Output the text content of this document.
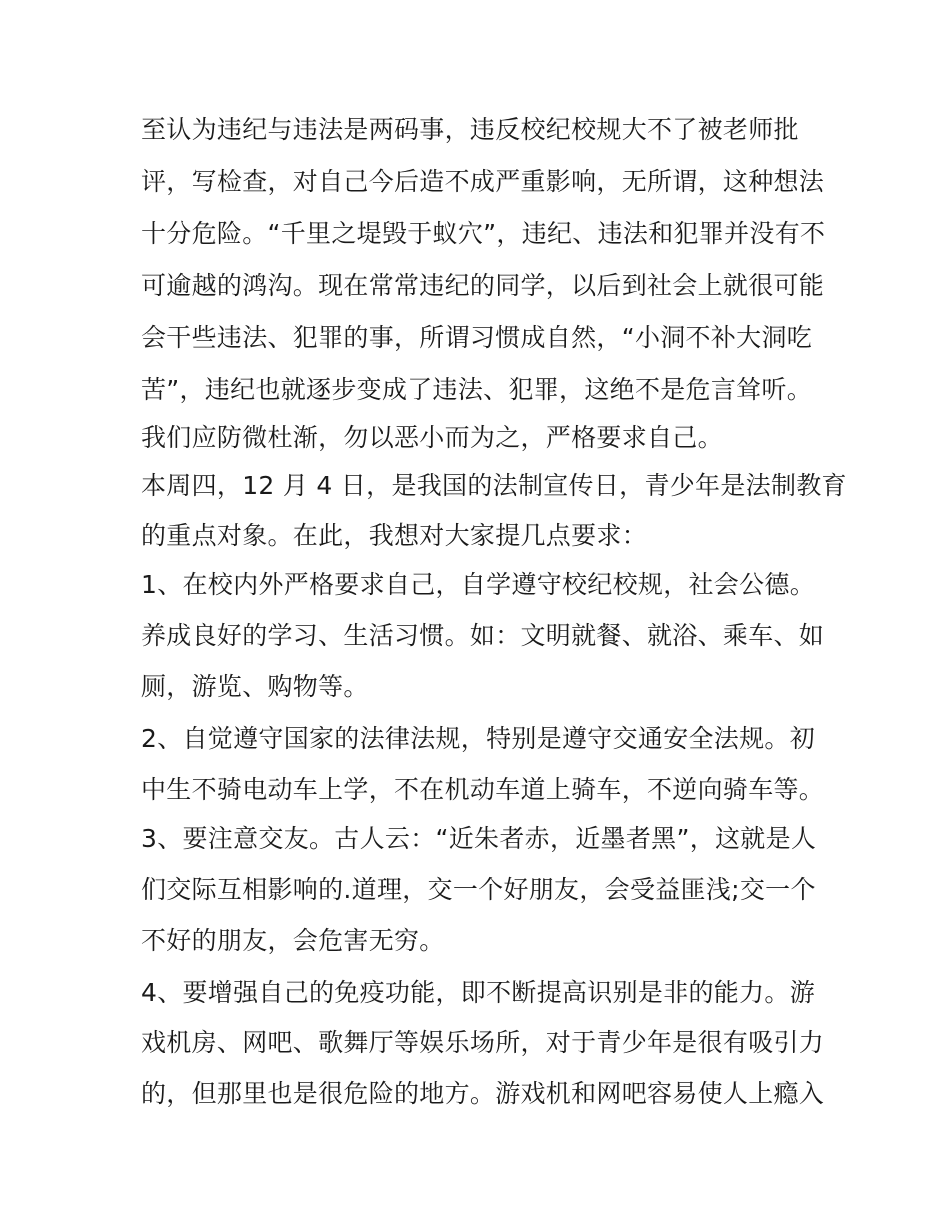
至认为违纪与违法是两码事，违反校纪校规大不了被老师批
评，写检查，对自己今后造不成严重影响，无所谓，这种想法
十分危险。“千里之堤毁于蚁穴”，违纪、违法和犯罪并没有不
可逾越的鸿沟。现在常常违纪的同学，以后到社会上就很可能
会干些违法、犯罪的事，所谓习惯成自然，“小洞不补大洞吃
苦”，违纪也就逐步变成了违法、犯罪，这绝不是危言耸听。
我们应防微杜渐，勿以恶小而为之，严格要求自己。
本周四，12 月 4 日，是我国的法制宣传日，青少年是法制教育
的重点对象。在此，我想对大家提几点要求：
1、在校内外严格要求自己，自学遵守校纪校规，社会公德。
养成良好的学习、生活习惯。如：文明就餐、就浴、乘车、如
厕，游览、购物等。
2、自觉遵守国家的法律法规，特别是遵守交通安全法规。初
中生不骑电动车上学，不在机动车道上骑车，不逆向骑车等。
3、要注意交友。古人云：“近朱者赤，近墨者黑”，这就是人
们交际互相影响的.道理，交一个好朋友，会受益匪浅;交一个
不好的朋友，会危害无穷。
4、要增强自己的免疫功能，即不断提高识别是非的能力。游
戏机房、网吧、歌舞厅等娱乐场所，对于青少年是很有吸引力
的，但那里也是很危险的地方。游戏机和网吧容易使人上瘾入
